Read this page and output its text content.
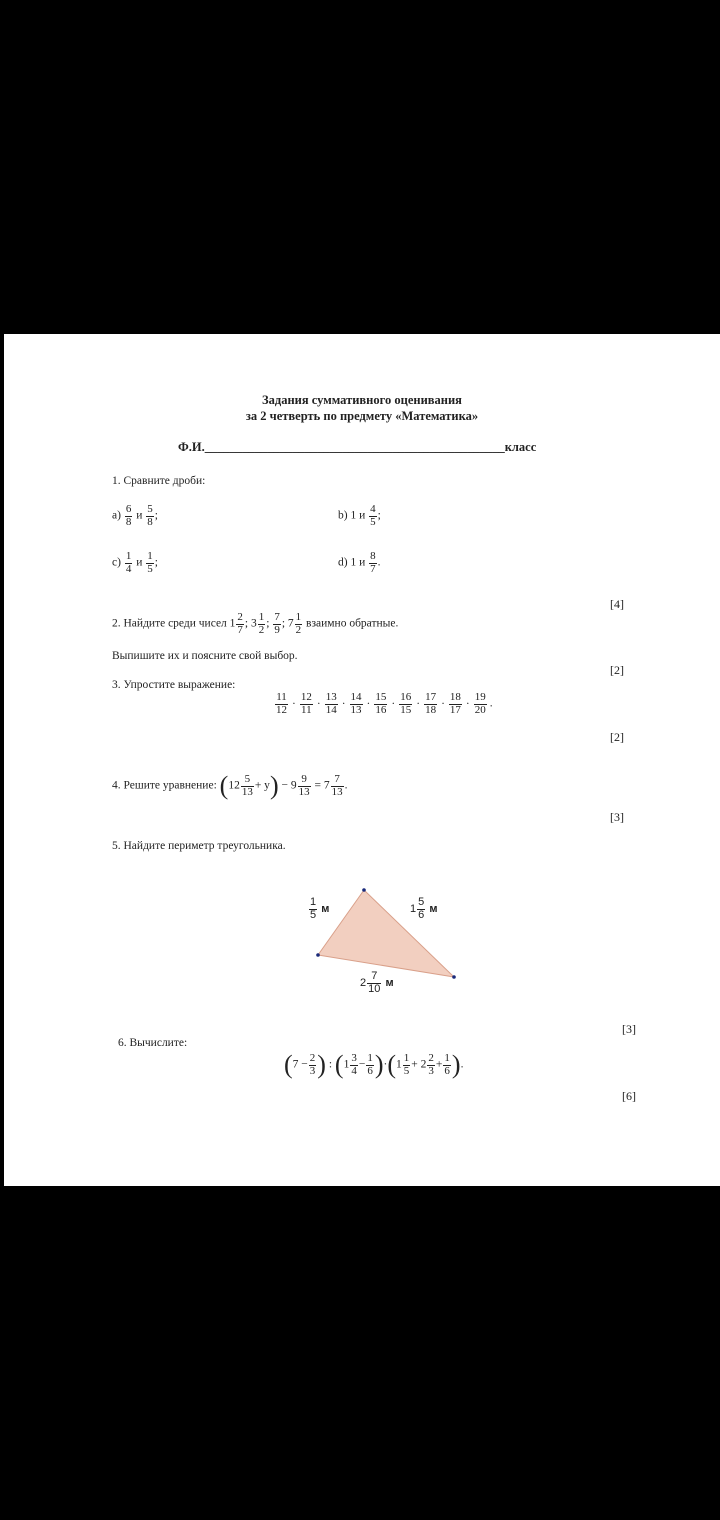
Задания суммативного оценивания
за 2 четверть по предмету «Математика»
Ф.И.________________________________________________класс
1. Сравните дроби:
$a) \frac{6}{8}$ и $\frac{5}{8}$ ;	b) 1 и $\frac{4}{5}$ ;
$c) \frac{1}{4}$ и $\frac{1}{5}$ ;	d) 1 и $\frac{8}{7}$ .
[4]
2. Найдите среди чисел $1 \frac{2}{7}$ ; $3 \frac{1}{2}$ ; $\frac{7}{9}$ ; $7 \frac{1}{2}$ взаимно обратные.
Выпишите их и поясните свой выбор.
[2]
3. Упростите выражение:
$\frac{11}{12} \cdot \frac{12}{11} \cdot \frac{13}{14} \cdot \frac{14}{13} \cdot \frac{15}{16} \cdot \frac{16}{15} \cdot \frac{17}{18} \cdot \frac{18}{17} \cdot \frac{19}{20}$ .
[2]
4. Решите уравнение: $(12 \frac{5}{13} + y) - 9 \frac{9}{13} = 7 \frac{7}{13}$ .
[3]
5. Найдите периметр треугольника.
$\frac{1}{5}$ м	$1 \frac{5}{6}$ м
$2 \frac{7}{10}$ м
[3]
6. Вычислите:
($7 - \frac{2}{3}$ ) : $(1 \frac{3}{4} - \frac{1}{6} )\cdot(1 \frac{1}{5} + 2 \frac{2}{3} + \frac{1}{6}$ ).
[6]
